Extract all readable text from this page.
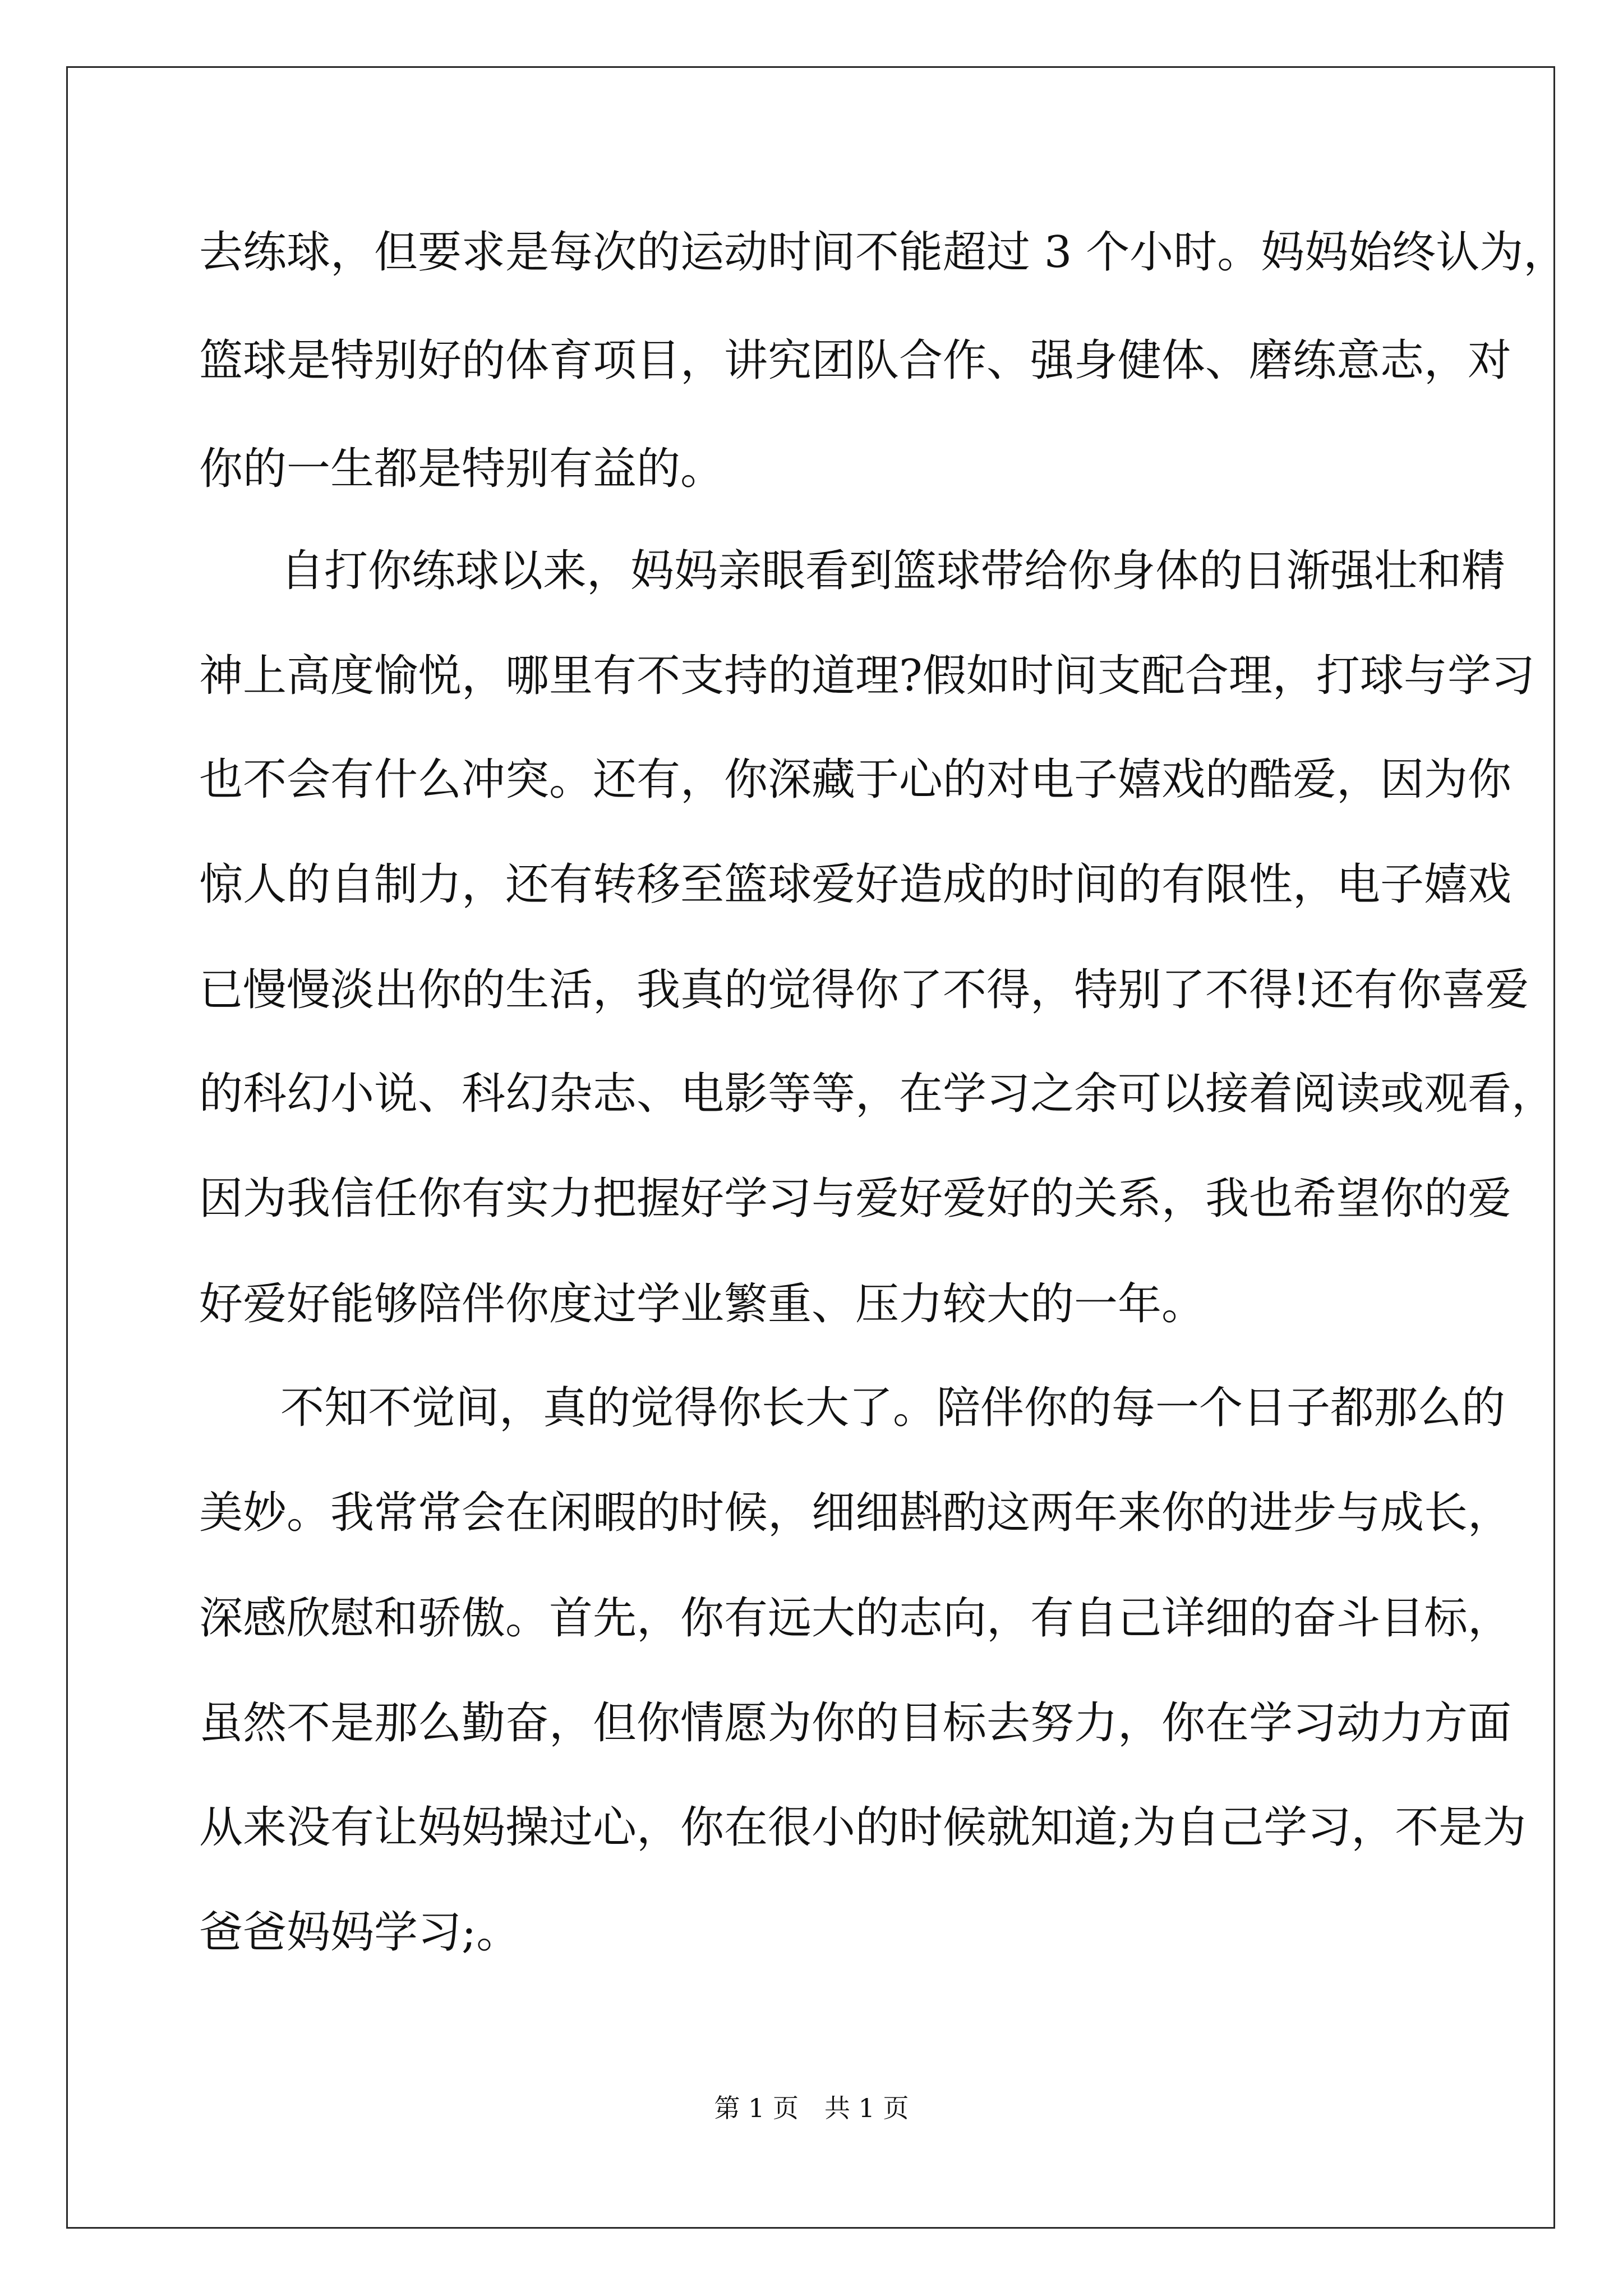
去练球，但要求是每次的运动时间不能超过 3 个小时。妈妈始终认为，
篮球是特别好的体育项目，讲究团队合作、强身健体、磨练意志，对
你的一生都是特别有益的。
自打你练球以来，妈妈亲眼看到篮球带给你身体的日渐强壮和精
神上高度愉悦，哪里有不支持的道理?假如时间支配合理，打球与学习
也不会有什么冲突。还有，你深藏于心的对电子嬉戏的酷爱，因为你
惊人的自制力，还有转移至篮球爱好造成的时间的有限性，电子嬉戏
已慢慢淡出你的生活，我真的觉得你了不得，特别了不得!还有你喜爱
的科幻小说、科幻杂志、电影等等，在学习之余可以接着阅读或观看，
因为我信任你有实力把握好学习与爱好爱好的关系，我也希望你的爱
好爱好能够陪伴你度过学业繁重、压力较大的一年。
不知不觉间，真的觉得你长大了。陪伴你的每一个日子都那么的
美妙。我常常会在闲暇的时候，细细斟酌这两年来你的进步与成长，
深感欣慰和骄傲。首先，你有远大的志向，有自己详细的奋斗目标，
虽然不是那么勤奋，但你情愿为你的目标去努力，你在学习动力方面
从来没有让妈妈操过心，你在很小的时候就知道;为自己学习，不是为
爸爸妈妈学习;。
第 1 页　共 1 页
